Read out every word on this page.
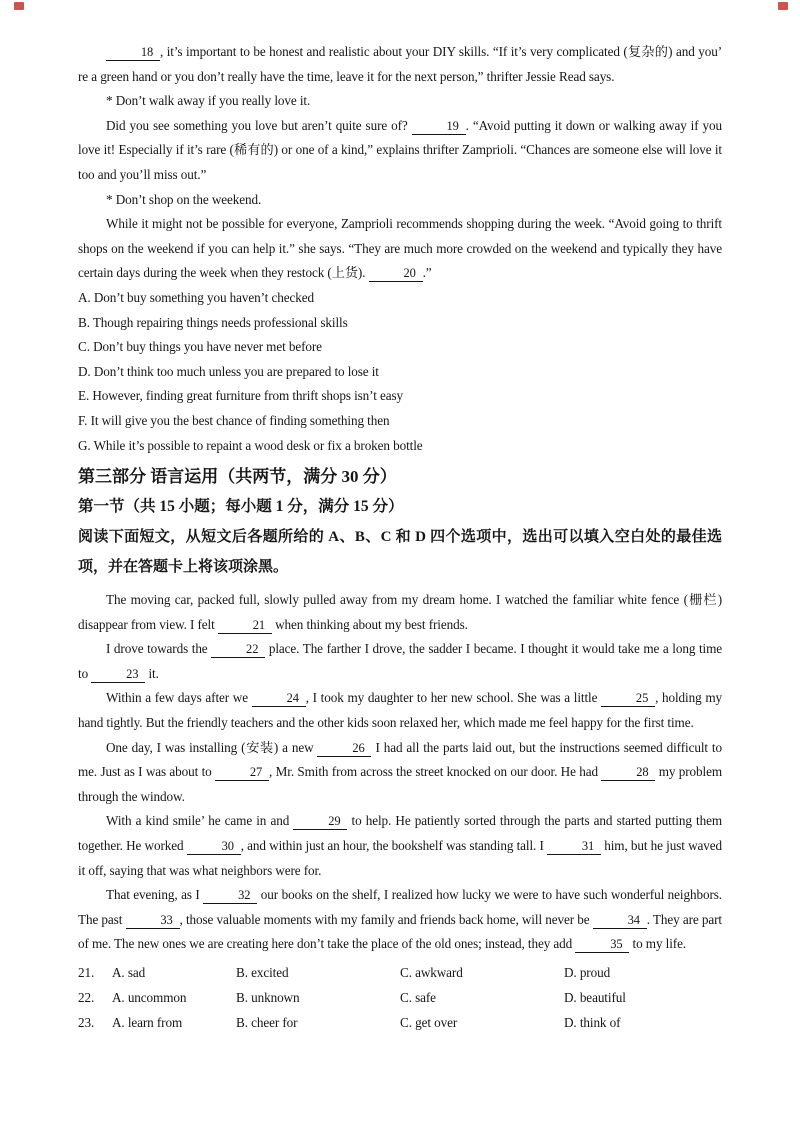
18 , it’s important to be honest and realistic about your DIY skills. “If it’s very complicated (复杂的) and you’ re a green hand or you don’t really have the time, leave it for the next person,” thrifter Jessie Read says.

* Don’t walk away if you really love it.

Did you see something you love but aren’t quite sure of?	19 . “Avoid putting it down or walking away if you love it! Especially if it’s rare (稀有的) or one of a kind,” explains thrifter Zamprioli. “Chances are someone else will love it too and you’ll miss out.”

* Don’t shop on the weekend.

While it might not be possible for everyone, Zamprioli recommends shopping during the week. “Avoid going to thrift shops on the weekend if you can help it.” she says. “They are much more crowded on the weekend and typically they have certain days during the week when they restock (上货).	20 .”

A. Don’t buy something you haven’t checked

B. Though repairing things needs professional skills

C. Don’t buy things you have never met before

D. Don’t think too much unless you are prepared to lose it

E. However, finding great furniture from thrift shops isn’t easy

F. It will give you the best chance of finding something then

G. While it’s possible to repaint a wood desk or fix a broken bottle

第三部分 语言运用（共两节，满分 30 分）
第一节（共 15 小题；每小题 1 分，满分 15 分）

阅读下面短文，从短文后各题所给的 A、B、C 和 D 四个选项中，选出可以填入空白处的最佳选项，并在答题卡上将该项涂黑。

The moving car, packed full, slowly pulled away from my dream home. I watched the familiar white fence (栅栏) disappear from view. I felt	21 when thinking about my best friends.

I drove towards the	22 place. The farther I drove, the sadder I became. I thought it would take me a long time to	23 it.

Within a few days after we	24 , I took my daughter to her new school. She was a little	25 , holding my hand tightly. But the friendly teachers and the other kids soon relaxed her, which made me feel happy for the first time.

One day, I was installing (安装) a new	26 I had all the parts laid out, but the instructions seemed difficult to me. Just as I was about to	27 , Mr. Smith from across the street knocked on our door. He had	28 my problem through the window.

With a kind smile’ he came in and	29 to help. He patiently sorted through the parts and started putting them together. He worked	30 , and within just an hour, the bookshelf was standing tall. I	31 him, but he just waved it off, saying that was what neighbors were for.

That evening, as I	32 our books on the shelf, I realized how lucky we were to have such wonderful neighbors. The past	33 , those valuable moments with my family and friends back home, will never be	34 . They are part of me. The new ones we are creating here don’t take the place of the old ones; instead, they add	35 to my life.

21.	A. sad	B. excited	C. awkward	D. proud
22.	A. uncommon	B. unknown	C. safe	D. beautiful
23.	A. learn from	B. cheer for	C. get over	D. think of
